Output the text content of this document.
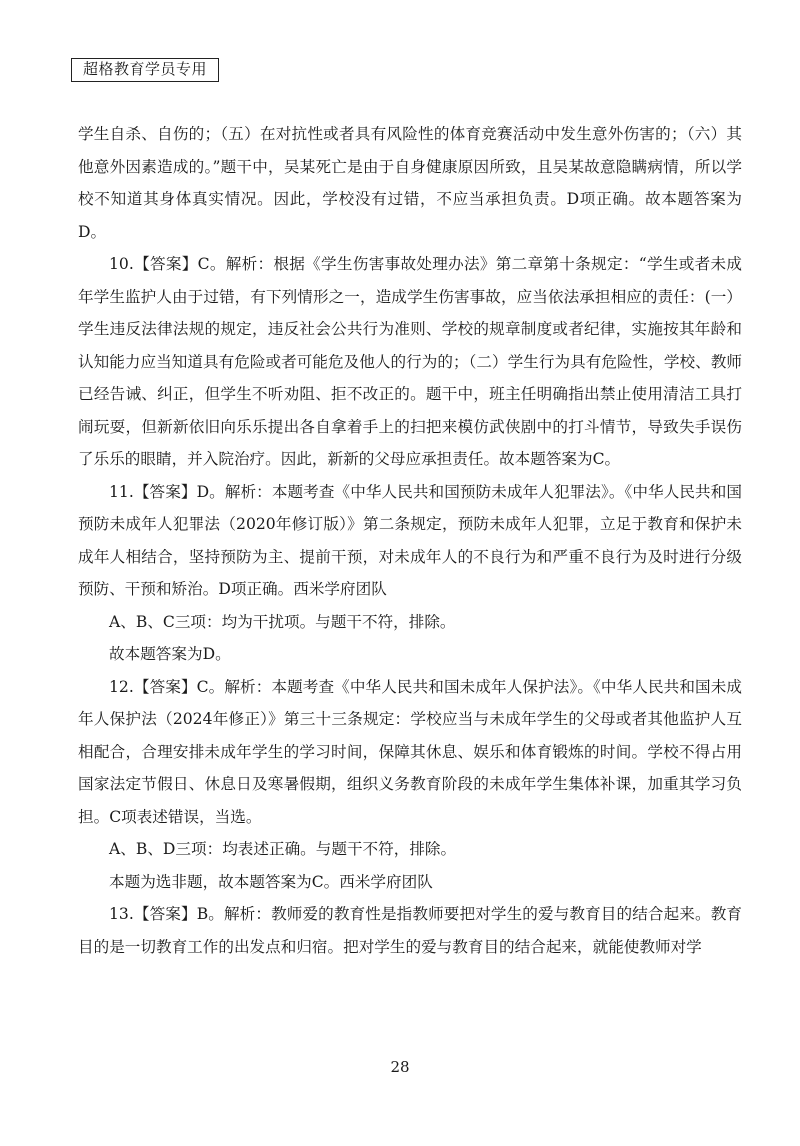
超格教育学员专用

学生自杀、自伤的；（五）在对抗性或者具有风险性的体育竞赛活动中发生意外伤害的；（六）其他意外因素造成的。”题干中，吴某死亡是由于自身健康原因所致，且吴某故意隐瞒病情，所以学校不知道其身体真实情况。因此，学校没有过错，不应当承担负责。D项正确。故本题答案为D。

10.【答案】C。解析：根据《学生伤害事故处理办法》第二章第十条规定：“学生或者未成年学生监护人由于过错，有下列情形之一，造成学生伤害事故，应当依法承担相应的责任：(一）学生违反法律法规的规定，违反社会公共行为准则、学校的规章制度或者纪律，实施按其年龄和认知能力应当知道具有危险或者可能危及他人的行为的；（二）学生行为具有危险性，学校、教师已经告诫、纠正，但学生不听劝阻、拒不改正的。题干中，班主任明确指出禁止使用清洁工具打闹玩耍，但新新依旧向乐乐提出各自拿着手上的扫把来模仿武侠剧中的打斗情节，导致失手误伤了乐乐的眼睛，并入院治疗。因此，新新的父母应承担责任。故本题答案为C。

11.【答案】D。解析：本题考查《中华人民共和国预防未成年人犯罪法》。《中华人民共和国预防未成年人犯罪法（2020年修订版）》第二条规定，预防未成年人犯罪，立足于教育和保护未成年人相结合，坚持预防为主、提前干预，对未成年人的不良行为和严重不良行为及时进行分级预防、干预和矫治。D项正确。西米学府团队

A、B、C三项：均为干扰项。与题干不符，排除。

故本题答案为D。

12.【答案】C。解析：本题考查《中华人民共和国未成年人保护法》。《中华人民共和国未成年人保护法（2024年修正）》第三十三条规定：学校应当与未成年学生的父母或者其他监护人互相配合，合理安排未成年学生的学习时间，保障其休息、娱乐和体育锻炼的时间。学校不得占用国家法定节假日、休息日及寒暑假期，组织义务教育阶段的未成年学生集体补课，加重其学习负担。C项表述错误，当选。

A、B、D三项：均表述正确。与题干不符，排除。

本题为选非题，故本题答案为C。西米学府团队

13.【答案】B。解析：教师爱的教育性是指教师要把对学生的爱与教育目的结合起来。教育目的是一切教育工作的出发点和归宿。把对学生的爱与教育目的结合起来，就能使教师对学

28
